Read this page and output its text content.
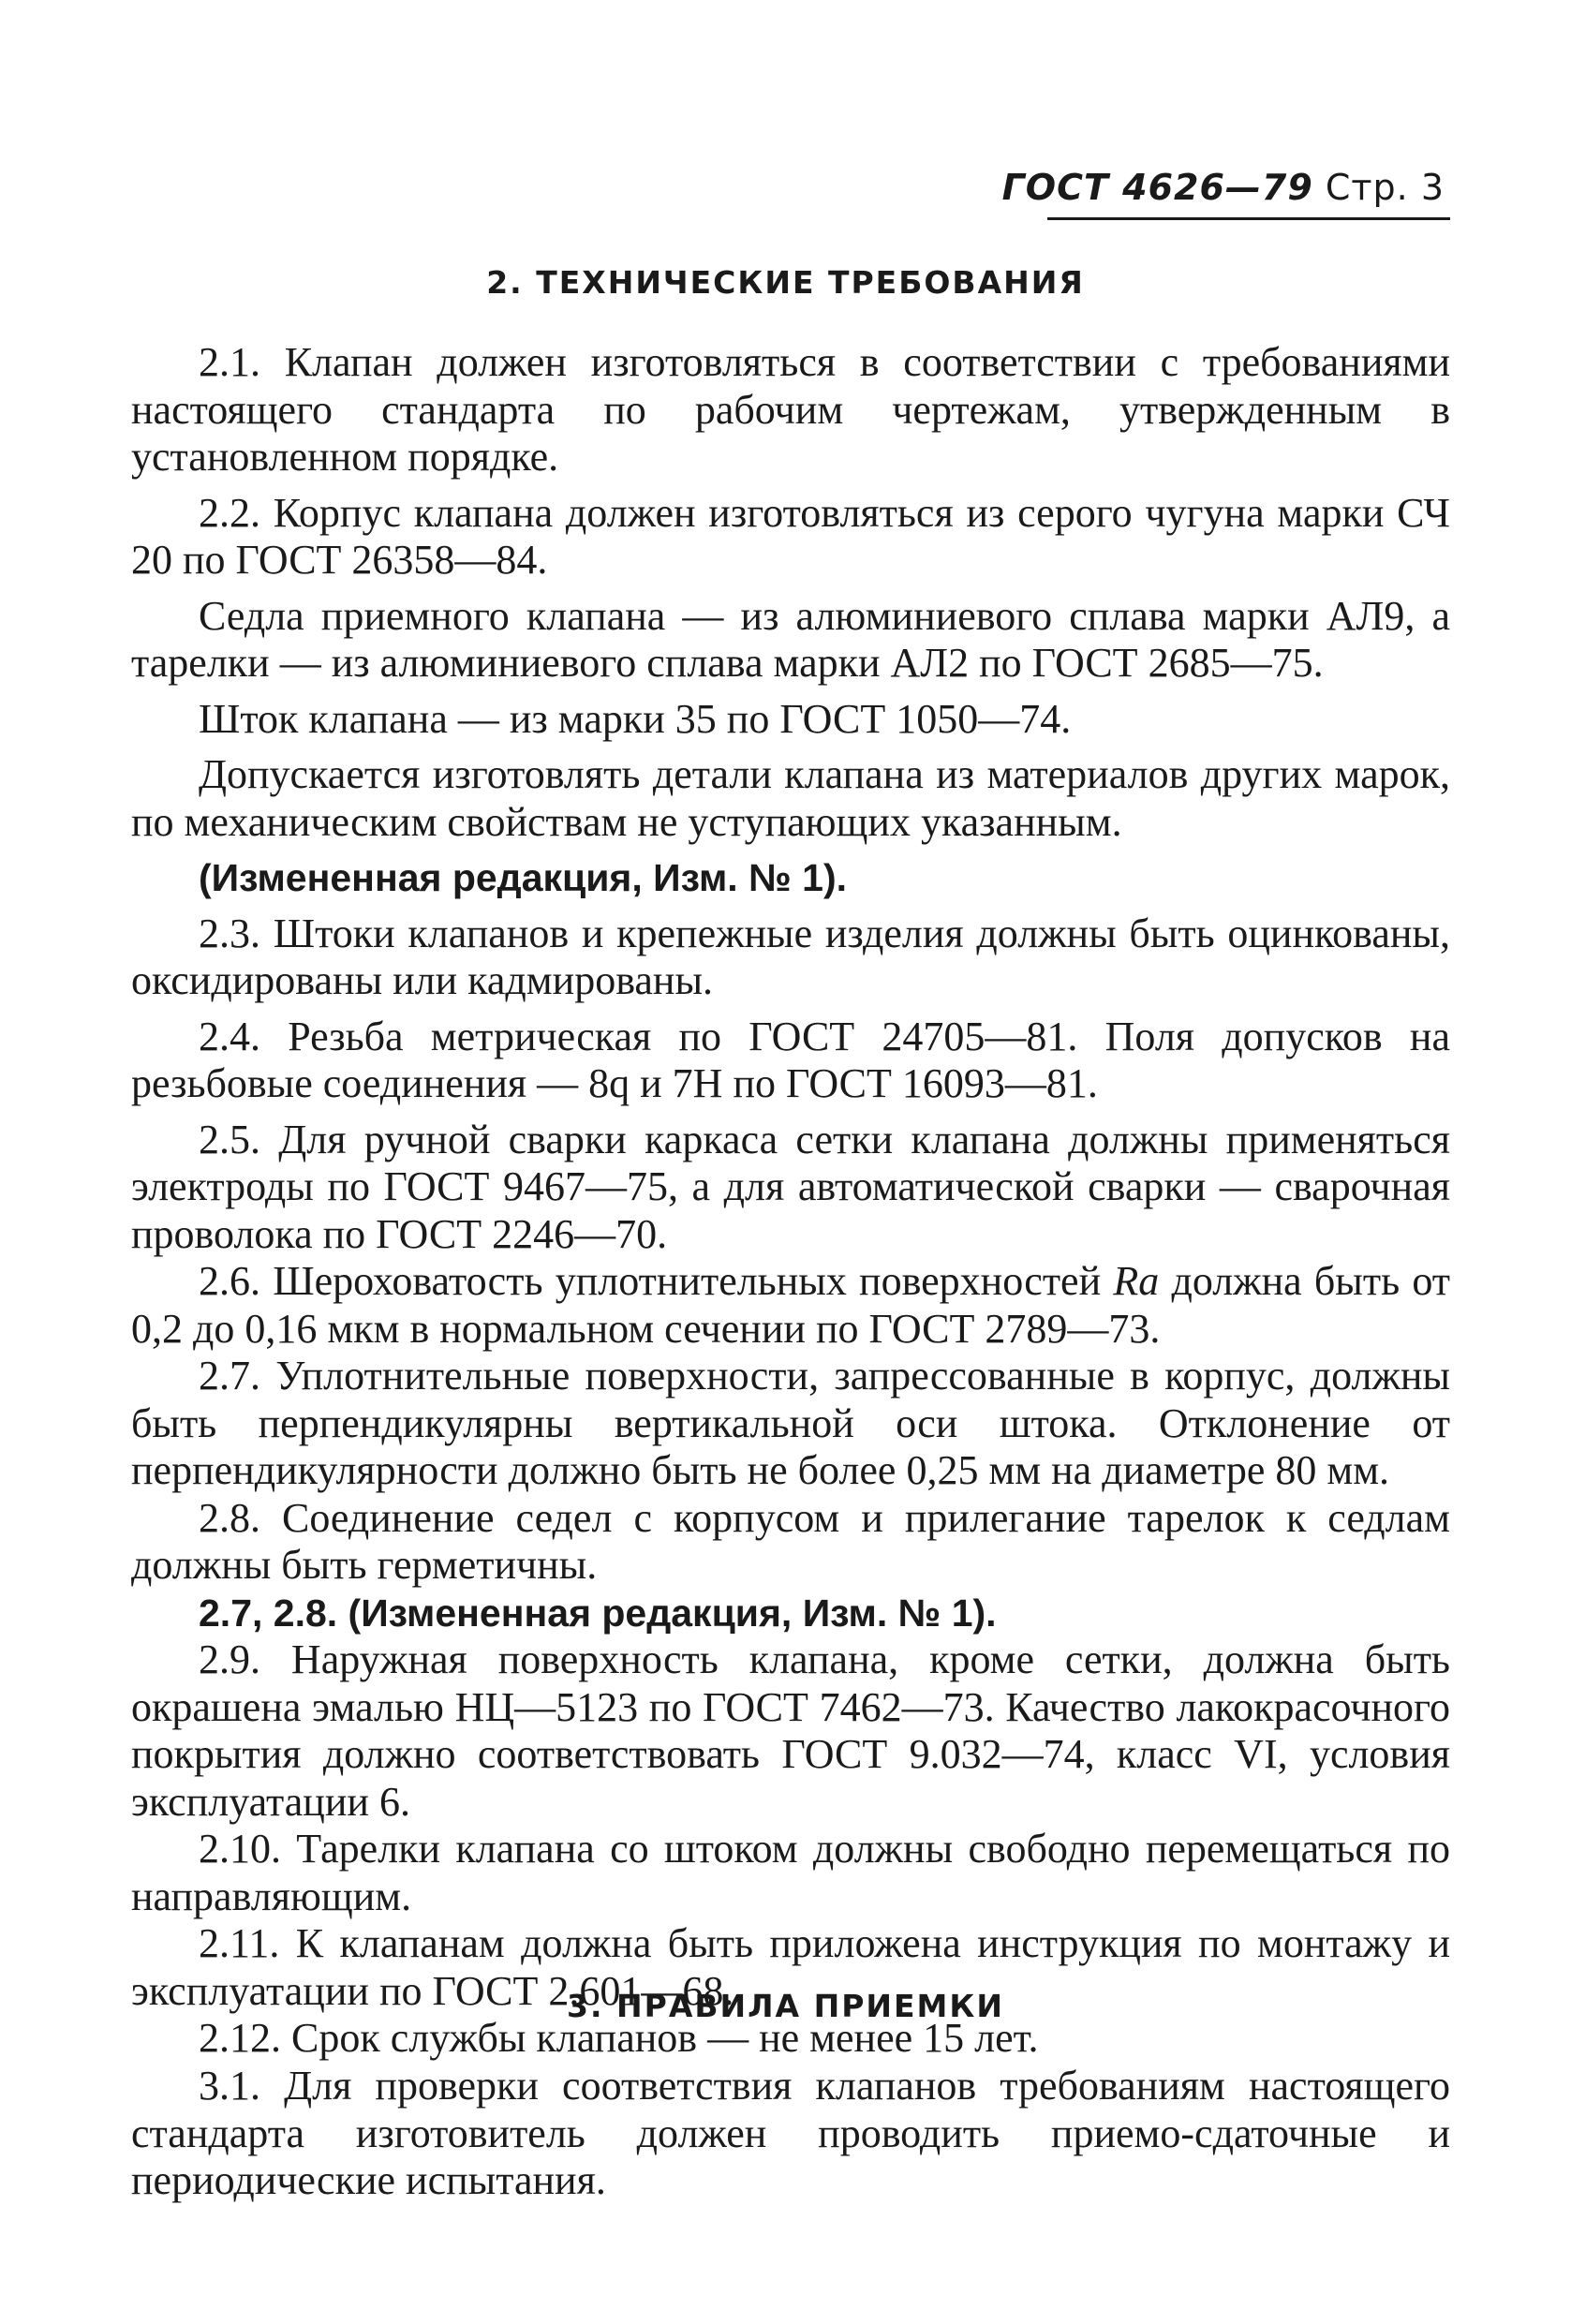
ГОСТ 4626—79 Стр. 3
2. ТЕХНИЧЕСКИЕ ТРЕБОВАНИЯ

2.1. Клапан должен изготовляться в соответствии с требованиями настоящего стандарта по рабочим чертежам, утвержденным в установленном порядке.

2.2. Корпус клапана должен изготовляться из серого чугуна марки СЧ 20 по ГОСТ 26358—84.

Седла приемного клапана — из алюминиевого сплава марки АЛ9, а тарелки — из алюминиевого сплава марки АЛ2 по ГОСТ 2685—75.

Шток клапана — из марки 35 по ГОСТ 1050—74.

Допускается изготовлять детали клапана из материалов других марок, по механическим свойствам не уступающих указанным.

(Измененная редакция, Изм. № 1).

2.3. Штоки клапанов и крепежные изделия должны быть оцинкованы, оксидированы или кадмированы.

2.4. Резьба метрическая по ГОСТ 24705—81. Поля допусков на резьбовые соединения — 8q и 7Н по ГОСТ 16093—81.

2.5. Для ручной сварки каркаса сетки клапана должны применяться электроды по ГОСТ 9467—75, а для автоматической сварки — сварочная проволока по ГОСТ 2246—70.

2.6. Шероховатость уплотнительных поверхностей Ra должна быть от 0,2 до 0,16 мкм в нормальном сечении по ГОСТ 2789—73.

2.7. Уплотнительные поверхности, запрессованные в корпус, должны быть перпендикулярны вертикальной оси штока. Отклонение от перпендикулярности должно быть не более 0,25 мм на диаметре 80 мм.

2.8. Соединение седел с корпусом и прилегание тарелок к седлам должны быть герметичны.

2.7, 2.8. (Измененная редакция, Изм. № 1).

2.9. Наружная поверхность клапана, кроме сетки, должна быть окрашена эмалью НЦ—5123 по ГОСТ 7462—73. Качество лакокрасочного покрытия должно соответствовать ГОСТ 9.032—74, класс VI, условия эксплуатации 6.

2.10. Тарелки клапана со штоком должны свободно перемещаться по направляющим.

2.11. К клапанам должна быть приложена инструкция по монтажу и эксплуатации по ГОСТ 2.601—68.

2.12. Срок службы клапанов — не менее 15 лет.

3. ПРАВИЛА ПРИЕМКИ

3.1. Для проверки соответствия клапанов требованиям настоящего стандарта изготовитель должен проводить приемо-сдаточные и периодические испытания.
